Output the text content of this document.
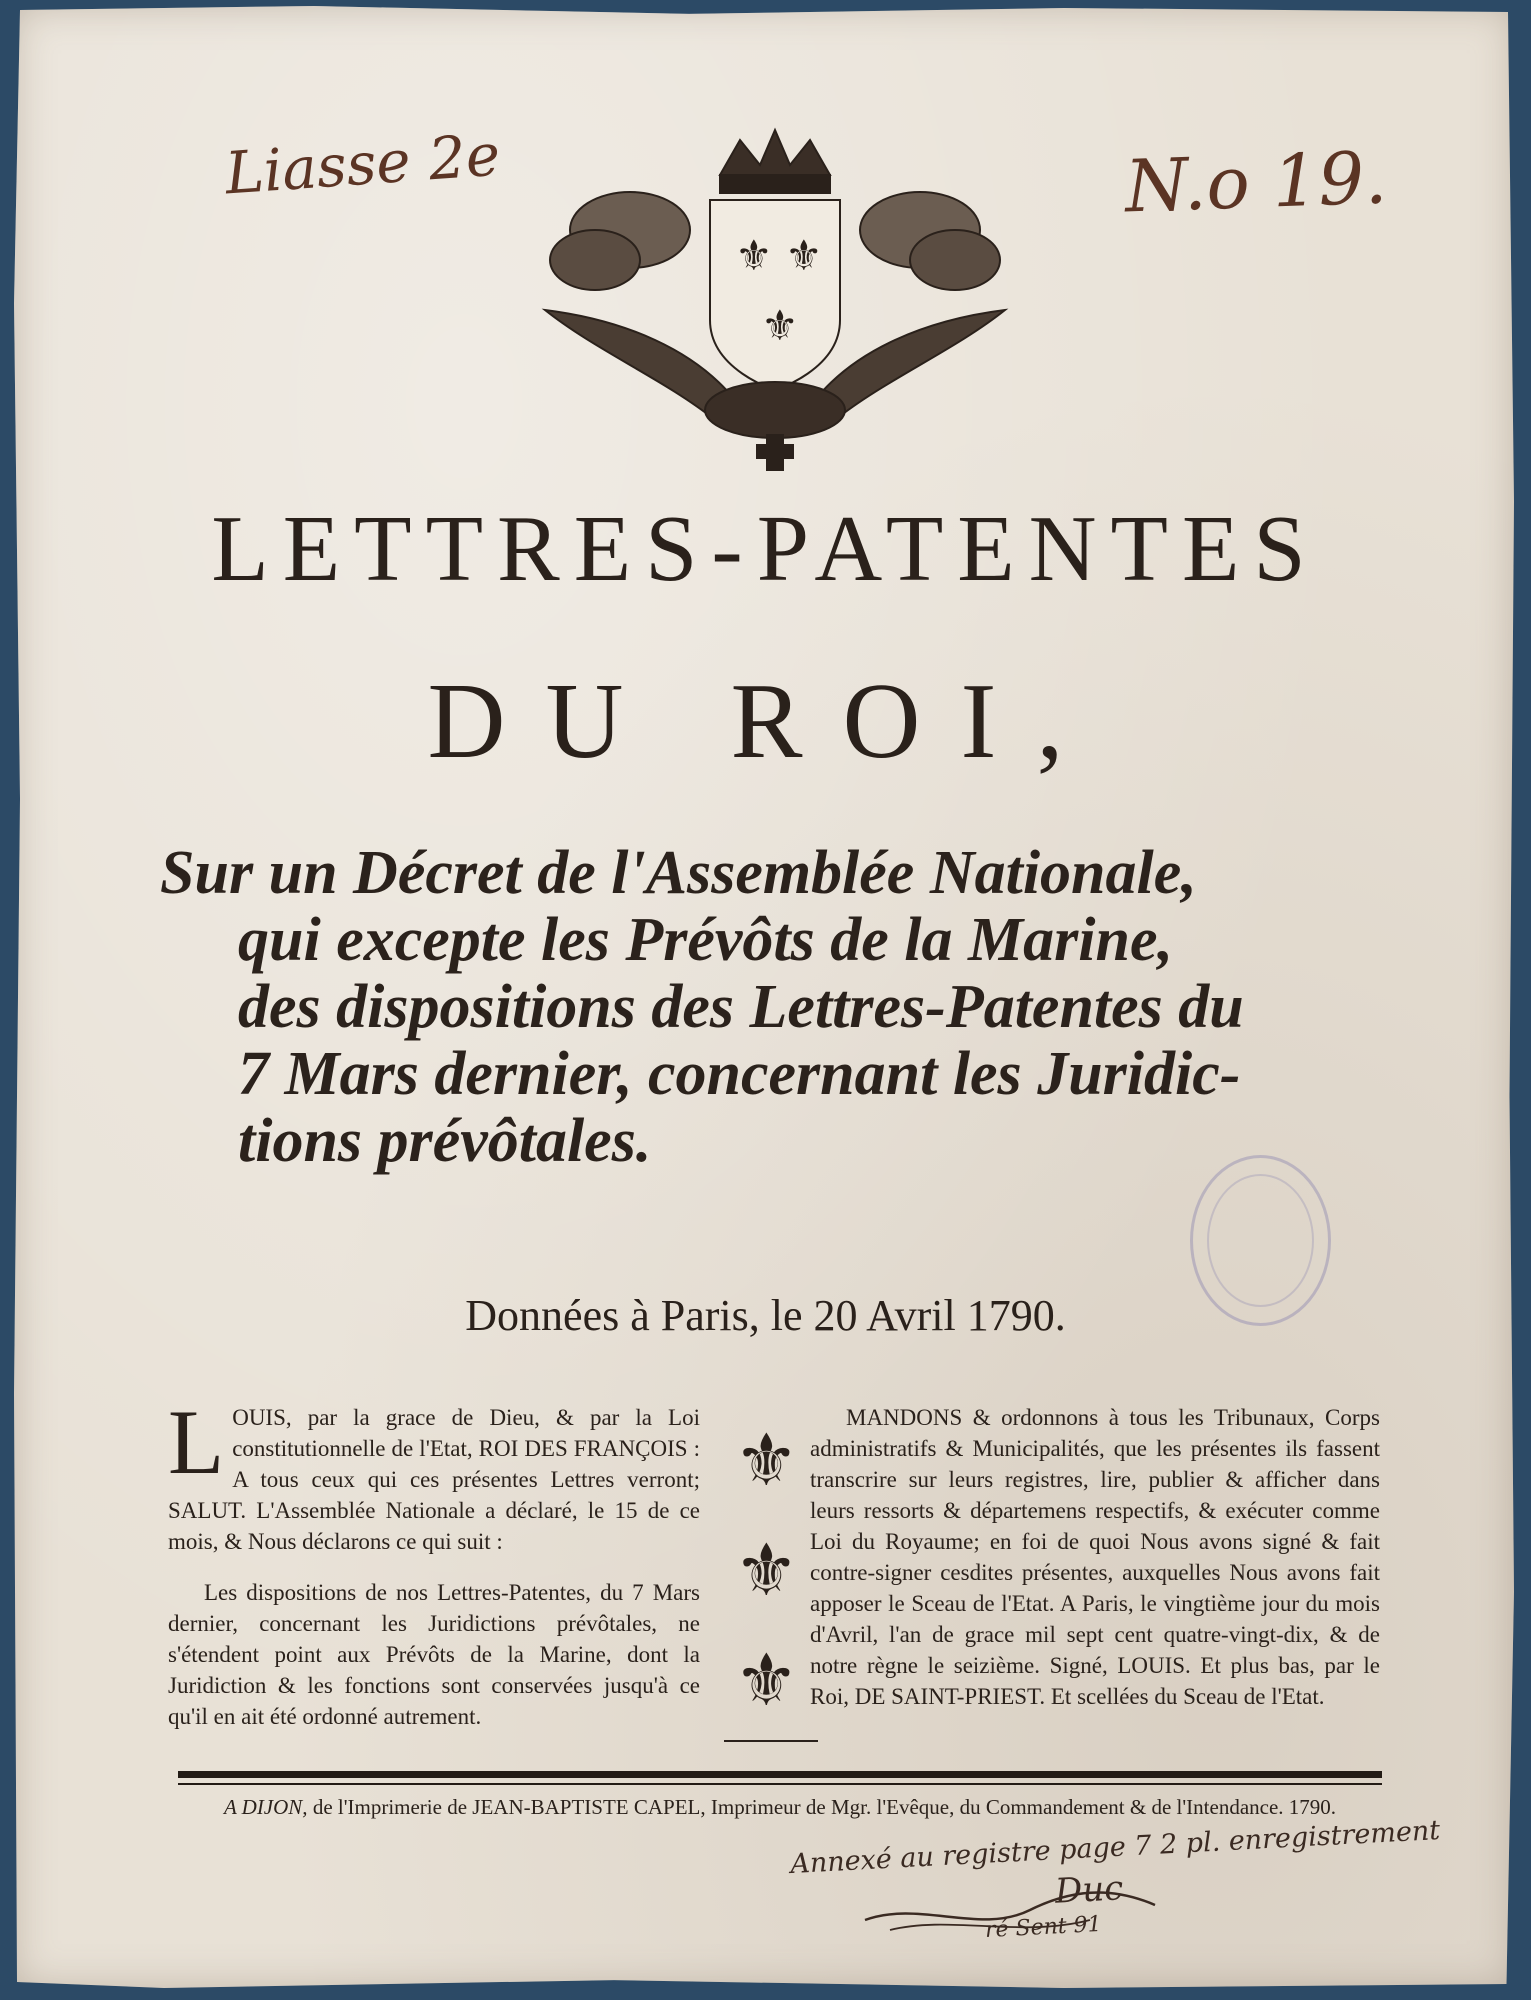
Liasse 2e	N.o 19.
⚜ ⚜
⚜
LETTRES-PATENTES
DU ROI,
Sur un Décret de l'Assemblée Nationale,
qui excepte les Prévôts de la Marine,
des dispositions des Lettres-Patentes du
7 Mars dernier, concernant les Juridic-
tions prévôtales.
Données à Paris, le 20 Avril 1790.
LOUIS, par la grace de Dieu, & par la Loi constitutionnelle de l'Etat, ROI DES FRANÇOIS : A tous ceux qui ces présentes Lettres verront; SALUT. L'Assemblée Nationale a déclaré, le 15 de ce mois, & Nous déclarons ce qui suit :
Les dispositions de nos Lettres-Patentes, du 7 Mars dernier, concernant les Juridictions prévôtales, ne s'étendent point aux Prévôts de la Marine, dont la Juridiction & les fonctions sont conservées jusqu'à ce qu'il en ait été ordonné autrement.
⚜
⚜
⚜
MANDONS & ordonnons à tous les Tribunaux, Corps administratifs & Municipalités, que les présentes ils fassent transcrire sur leurs registres, lire, publier & afficher dans leurs ressorts & départemens respectifs, & exécuter comme Loi du Royaume; en foi de quoi Nous avons signé & fait contre-signer cesdites présentes, auxquelles Nous avons fait apposer le Sceau de l'Etat. A Paris, le vingtième jour du mois d'Avril, l'an de grace mil sept cent quatre-vingt-dix, & de notre règne le seizième. Signé, LOUIS. Et plus bas, par le Roi, DE SAINT-PRIEST. Et scellées du Sceau de l'Etat.
A DIJON, de l'Imprimerie de JEAN-BAPTISTE CAPEL, Imprimeur de Mgr. l'Evêque, du Commandement & de l'Intendance. 1790.
Annexé au registre page 7 2 pl. enregistrement
Duc
ré Sent 91
